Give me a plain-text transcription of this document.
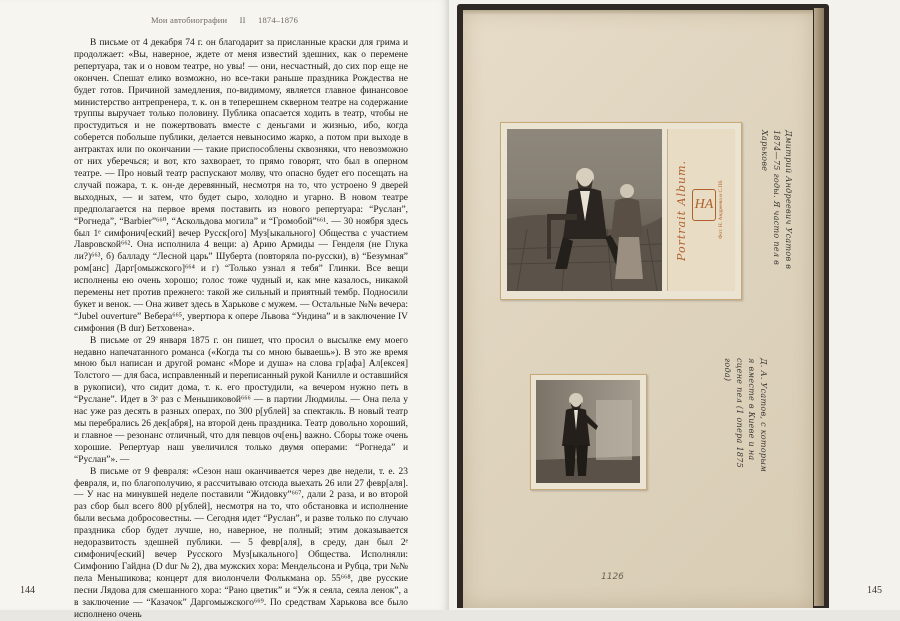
Мои автобиографии II 1874–1876

В письме от 4 декабря 74 г. он благодарит за присланные краски для грима и продолжает: «Вы, наверное, ждете от меня известий здешних, как о перемене репертуара, так и о новом театре, но увы! — они, несчастный, до сих пор еще не окончен. Спешат елико возможно, но все-таки раньше праздника Рождества не будет готов. Причиной замедления, по-видимому, является главное финансовое министерство антрепренера, т. к. он в теперешнем скверном театре на содержание труппы выручает только половину. Публика опасается ходить в театр, чтобы не простудиться и не пожертвовать вместе с деньгами и жизнью, ибо, когда соберется побольше публики, делается невыносимо жарко, а потом при выходе в антрактах или по окончании — такие приспособлены сквозняки, что невозможно от них уберечься; и вот, кто захворает, то прямо говорят, что был в оперном театре. — Про новый театр распускают молву, что опасно будет его посещать на случай пожара, т. к. он-де деревянный, несмотря на то, что устроено 9 дверей выходных, — и затем, что будет сыро, холодно и угарно. В новом театре предполагается на первое время поставить из нового репертуара: “Руслан”, “Рогнеда”, “Barbier”⁶⁶⁰, “Аскольдова могила” и “Громобой”⁶⁶¹. — 30 ноября здесь был 1ᵉ симфонич[еский] вечер Русск[ого] Муз[ыкального] Общества с участием Лавровской⁶⁶². Она исполнила 4 вещи: а) Арию Армиды — Генделя (не Глука ли?)⁶⁶³, б) балладу “Лесной царь” Шуберта (повторяла по-русски), в) “Безумная” ром[анс] Дарг[омыжского]⁶⁶⁴ и г) “Только узнал я тебя” Глинки. Все вещи исполнены ею очень хорошо; голос тоже чудный и, как мне казалось, никакой перемены нет против прежнего: такой же сильный и приятный тембр. Подносили букет и венок. — Она живет здесь в Харькове с мужем. — Остальные №№ вечера: “Jubel ouverture” Вебера⁶⁶⁵, увертюра к опере Львова “Ундина” и в заключение IV симфония (B dur) Бетховена».

В письме от 29 января 1875 г. он пишет, что просил о высылке ему моего недавно напечатанного романса («Когда ты со мною бываешь»). В это же время мною был написан и другой романс «Море и душа» на слова гр[афа] Ал[ексея] Толстого — для баса, исправленный и переписанный рукой Канилле и оставшийся в рукописи), что сидит дома, т. к. его простудили, «а вечером нужно петь в “Руслане”. Идет в 3ᵉ раз с Меньшиковой⁶⁶⁶ — в партии Людмилы. — Она пела у нас уже раз десять в разных операх, по 300 р[ублей] за спектакль. В новый театр мы перебрались 26 дек[абря], на второй день праздника. Театр довольно хороший, и главное — резонанс отличный, что для певцов оч[ень] важно. Сборы тоже очень хорошие. Репертуар наш увеличился только двумя операми: “Рогнеда” и “Руслан”». —

В письме от 9 февраля: «Сезон наш оканчивается через две недели, т. е. 23 февраля, и, по благополучию, я рассчитываю отсюда выехать 26 или 27 февр[аля]. — У нас на минувшей неделе поставили “Жидовку”⁶⁶⁷, дали 2 раза, и во второй раз сбор был всего 800 р[ублей], несмотря на то, что обстановка и исполнение были весьма добросовестны. — Сегодня идет “Руслан”, и разве только по случаю праздника сбор будет лучше, но, наверное, не полный; этим доказывается недоразвитость здешней публики. — 5 февр[аля], в среду, дан был 2ᵉ симфонич[еский] вечер Русского Муз[ыкального] Общества. Исполняли: Симфонию Гайдна (D dur № 2), два мужских хора: Мендельсона и Рубца, три №№ пела Меньшикова; концерт для виолончели Фолькмана ор. 55⁶⁶⁸, две русские песни Лядова для смешанного хора: “Рано цветик” и “Уж я сеяла, сеяла ленок”, а в заключение — “Казачок” Даргомыжского⁶⁶⁹. По средствам Харькова все было исполнено очень

144
Portrait Album.	Фот. Н. Андреева и С.Пб.
HA	Дмитрий Андреевич Усатов в 1874—75 годы. Я часто пел в Харькове
Д. А. Усатов, с которым я вместе в Киеве и на сцене пел (1 опера 1875 года)
1126
145
